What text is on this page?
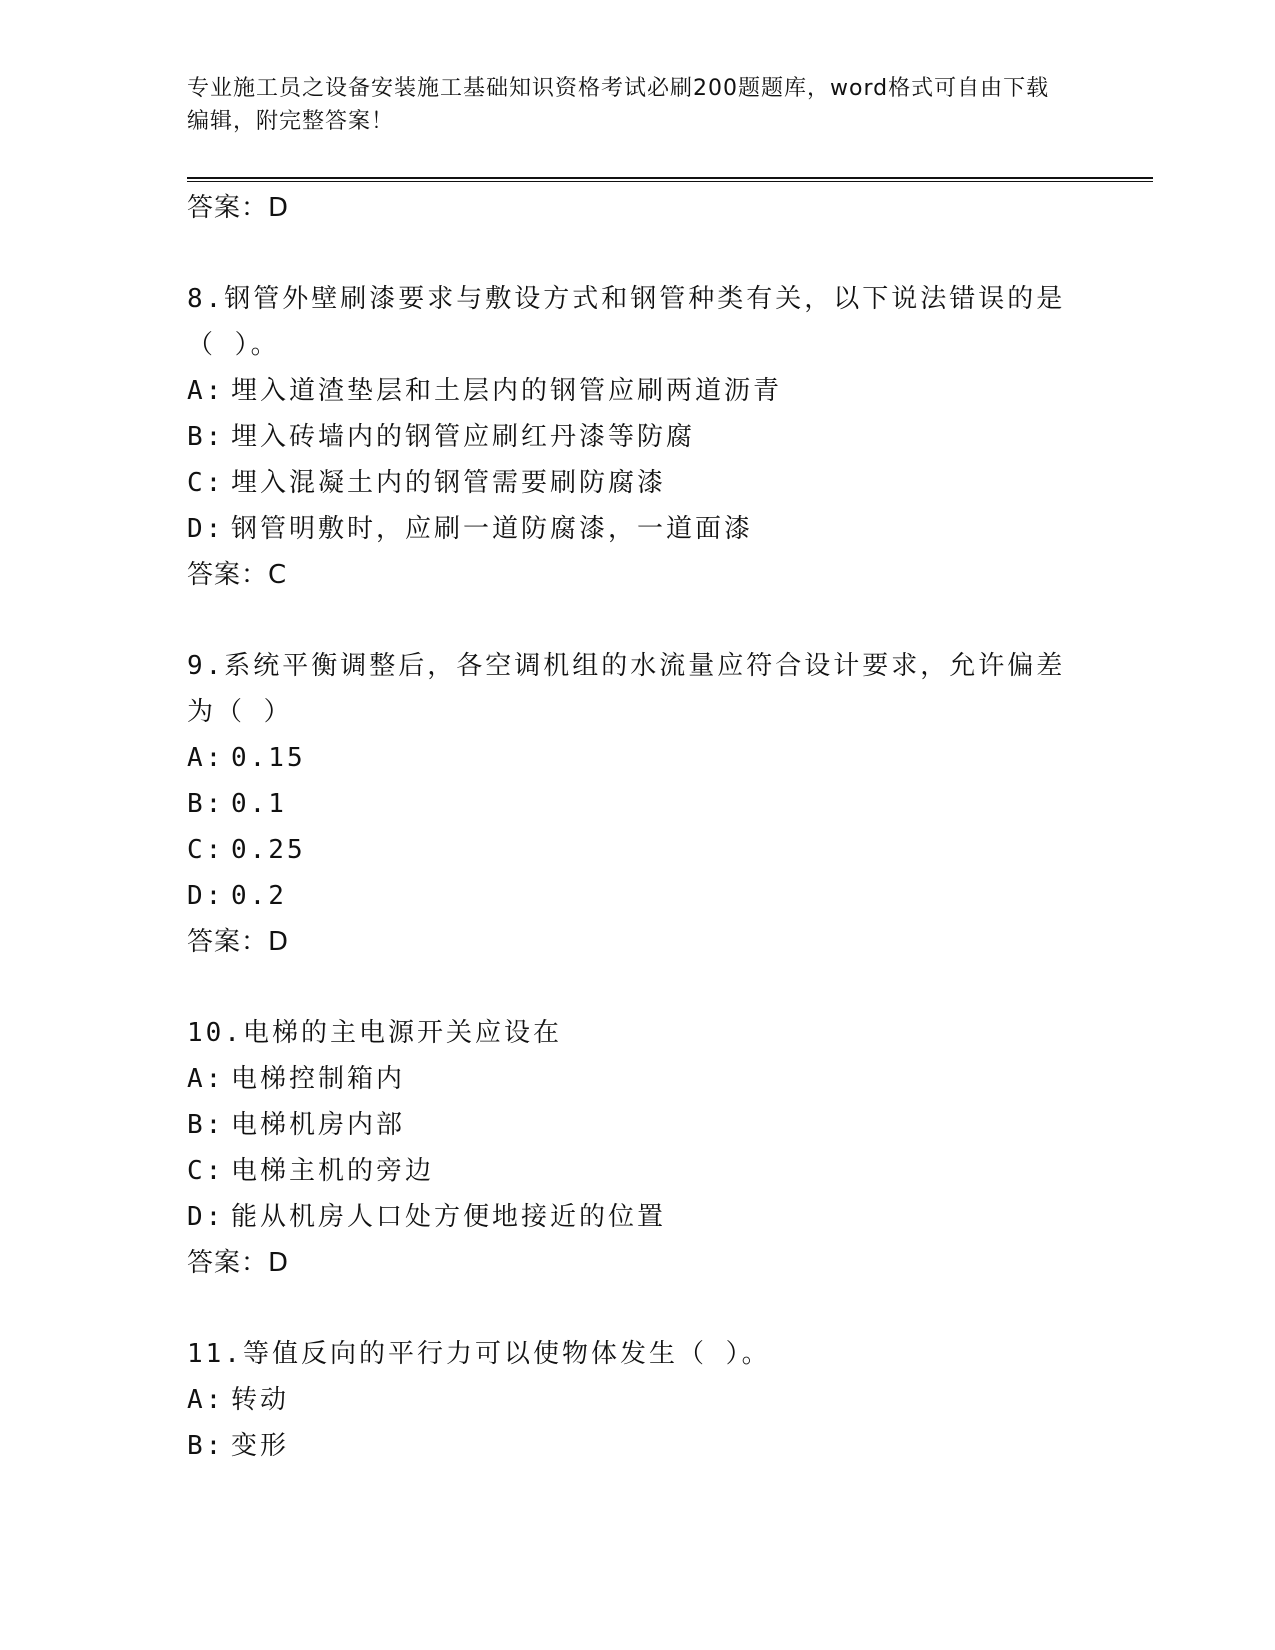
专业施工员之设备安装施工基础知识资格考试必刷200题题库，word格式可自由下载编辑，附完整答案！
答案：D
8.钢管外壁刷漆要求与敷设方式和钢管种类有关，以下说法错误的是（ ）。
A: 埋入道渣垫层和土层内的钢管应刷两道沥青
B: 埋入砖墙内的钢管应刷红丹漆等防腐
C: 埋入混凝土内的钢管需要刷防腐漆
D: 钢管明敷时，应刷一道防腐漆，一道面漆
答案：C
9.系统平衡调整后，各空调机组的水流量应符合设计要求，允许偏差为（ ）
A: 0.15
B: 0.1
C: 0.25
D: 0.2
答案：D
10.电梯的主电源开关应设在
A: 电梯控制箱内
B: 电梯机房内部
C: 电梯主机的旁边
D: 能从机房人口处方便地接近的位置
答案：D
11.等值反向的平行力可以使物体发生（ ）。
A: 转动
B: 变形
